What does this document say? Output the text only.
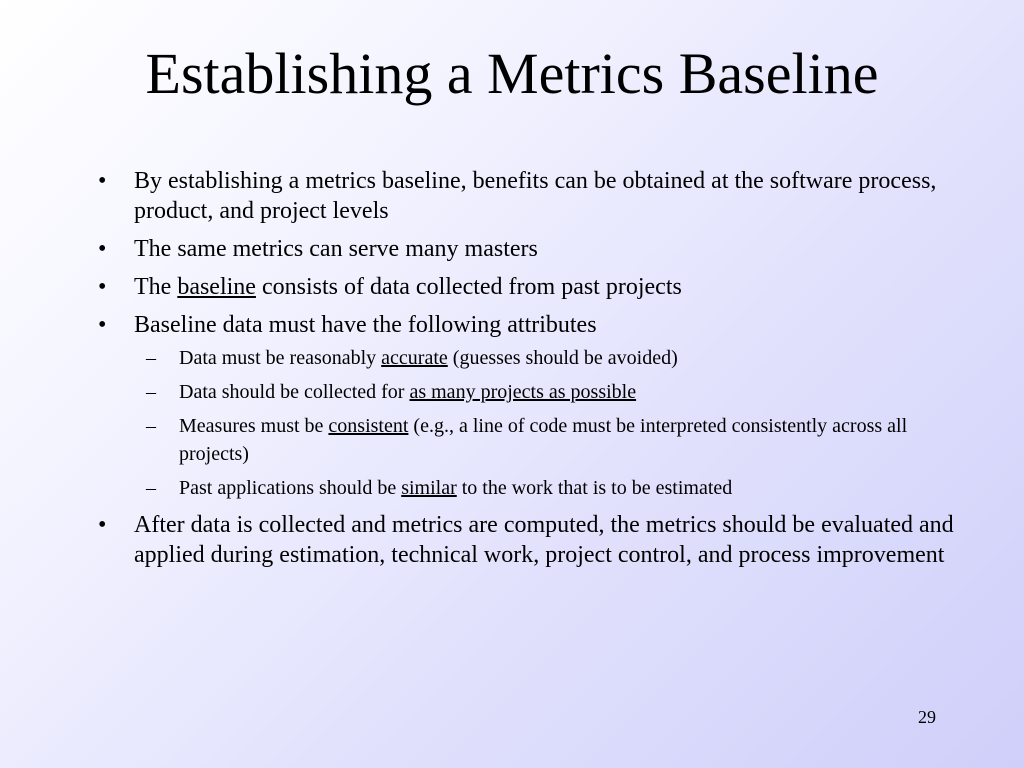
Establishing a Metrics Baseline
• By establishing a metrics baseline, benefits can be obtained at the software process, product, and project levels
• The same metrics can serve many masters
• The baseline consists of data collected from past projects
• Baseline data must have the following attributes
– Data must be reasonably accurate (guesses should be avoided)
– Data should be collected for as many projects as possible
– Measures must be consistent (e.g., a line of code must be interpreted consistently across all projects)
– Past applications should be similar to the work that is to be estimated
• After data is collected and metrics are computed, the metrics should be evaluated and applied during estimation, technical work, project control, and process improvement
29
